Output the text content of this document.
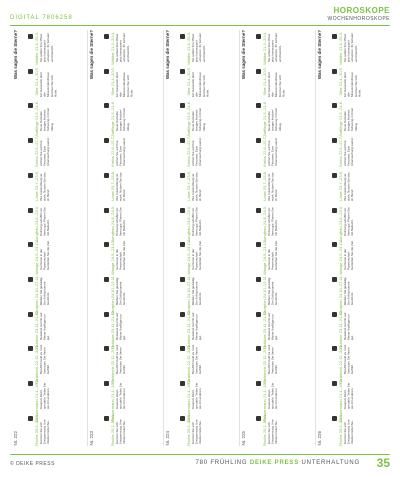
DIGITAL 7806258
HOROSKOPE
WOCHENHOROSKOPE
Was sagen die Sterne?
Nr. 222
Widder 21.3.-20.4. Sie sollten Ihre Pläne jetzt konsequent umsetzen. Ihr Einsatz wird belohnt.
Stier 21.4.-20.5. Ein Gespräch klärt alte Missverständnisse. Gönnen Sie sich Ruhe.
Zwillinge 21.5.-21.6. Neue Kontakte bringen frischen Schwung in Ihren Alltag.
Krebs 22.6.-22.7. Achten Sie auf Ihre Finanzen. Eine Überraschung wartet.
Löwe 23.7.-23.8. Ihre Ausstrahlung ist stark. Nutzen Sie das im Beruf.
Jungfrau 24.8.-23.9. Ordnung schaffen tut Ihnen gut. Planen Sie mit Bedacht.
Waage 24.9.-23.10. Harmonie in der Partnerschaft. Genießen Sie die Zeit.
Skorpion 24.10.-22.11. Bleiben Sie geduldig. Der Erfolg kommt bestimmt.
Schütze 23.11.-21.12. Reiselust kommt auf. Kleine Ausflüge tun gut.
Steinbock 22.12.-20.1. Beruflich läuft es rund. Vertrauen Sie Ihrem Gefühl.
Wassermann 21.1.-19.2. Kreative Ideen sprudeln. Teilen Sie sie mit anderen.
Fische 20.2.-20.3. Gönnen Sie sich Entspannung. Ihre Intuition leitet Sie.
Was sagen die Sterne?
Nr. 223
Widder 21.3.-20.4. Sie sollten Ihre Pläne jetzt konsequent umsetzen. Ihr Einsatz wird belohnt.
Stier 21.4.-20.5. Ein Gespräch klärt alte Missverständnisse. Gönnen Sie sich Ruhe.
Zwillinge 21.5.-21.6. Neue Kontakte bringen frischen Schwung in Ihren Alltag.
Krebs 22.6.-22.7. Achten Sie auf Ihre Finanzen. Eine Überraschung wartet.
Löwe 23.7.-23.8. Ihre Ausstrahlung ist stark. Nutzen Sie das im Beruf.
Jungfrau 24.8.-23.9. Ordnung schaffen tut Ihnen gut. Planen Sie mit Bedacht.
Waage 24.9.-23.10. Harmonie in der Partnerschaft. Genießen Sie die Zeit.
Skorpion 24.10.-22.11. Bleiben Sie geduldig. Der Erfolg kommt bestimmt.
Schütze 23.11.-21.12. Reiselust kommt auf. Kleine Ausflüge tun gut.
Steinbock 22.12.-20.1. Beruflich läuft es rund. Vertrauen Sie Ihrem Gefühl.
Wassermann 21.1.-19.2. Kreative Ideen sprudeln. Teilen Sie sie mit anderen.
Fische 20.2.-20.3. Gönnen Sie sich Entspannung. Ihre Intuition leitet Sie.
Was sagen die Sterne?
Nr. 224
Widder 21.3.-20.4. Sie sollten Ihre Pläne jetzt konsequent umsetzen. Ihr Einsatz wird belohnt.
Stier 21.4.-20.5. Ein Gespräch klärt alte Missverständnisse. Gönnen Sie sich Ruhe.
Zwillinge 21.5.-21.6. Neue Kontakte bringen frischen Schwung in Ihren Alltag.
Krebs 22.6.-22.7. Achten Sie auf Ihre Finanzen. Eine Überraschung wartet.
Löwe 23.7.-23.8. Ihre Ausstrahlung ist stark. Nutzen Sie das im Beruf.
Jungfrau 24.8.-23.9. Ordnung schaffen tut Ihnen gut. Planen Sie mit Bedacht.
Waage 24.9.-23.10. Harmonie in der Partnerschaft. Genießen Sie die Zeit.
Skorpion 24.10.-22.11. Bleiben Sie geduldig. Der Erfolg kommt bestimmt.
Schütze 23.11.-21.12. Reiselust kommt auf. Kleine Ausflüge tun gut.
Steinbock 22.12.-20.1. Beruflich läuft es rund. Vertrauen Sie Ihrem Gefühl.
Wassermann 21.1.-19.2. Kreative Ideen sprudeln. Teilen Sie sie mit anderen.
Fische 20.2.-20.3. Gönnen Sie sich Entspannung. Ihre Intuition leitet Sie.
Was sagen die Sterne?
Nr. 225
Widder 21.3.-20.4. Sie sollten Ihre Pläne jetzt konsequent umsetzen. Ihr Einsatz wird belohnt.
Stier 21.4.-20.5. Ein Gespräch klärt alte Missverständnisse. Gönnen Sie sich Ruhe.
Zwillinge 21.5.-21.6. Neue Kontakte bringen frischen Schwung in Ihren Alltag.
Krebs 22.6.-22.7. Achten Sie auf Ihre Finanzen. Eine Überraschung wartet.
Löwe 23.7.-23.8. Ihre Ausstrahlung ist stark. Nutzen Sie das im Beruf.
Jungfrau 24.8.-23.9. Ordnung schaffen tut Ihnen gut. Planen Sie mit Bedacht.
Waage 24.9.-23.10. Harmonie in der Partnerschaft. Genießen Sie die Zeit.
Skorpion 24.10.-22.11. Bleiben Sie geduldig. Der Erfolg kommt bestimmt.
Schütze 23.11.-21.12. Reiselust kommt auf. Kleine Ausflüge tun gut.
Steinbock 22.12.-20.1. Beruflich läuft es rund. Vertrauen Sie Ihrem Gefühl.
Wassermann 21.1.-19.2. Kreative Ideen sprudeln. Teilen Sie sie mit anderen.
Fische 20.2.-20.3. Gönnen Sie sich Entspannung. Ihre Intuition leitet Sie.
Was sagen die Sterne?
Nr. 226
Widder 21.3.-20.4. Sie sollten Ihre Pläne jetzt konsequent umsetzen. Ihr Einsatz wird belohnt.
Stier 21.4.-20.5. Ein Gespräch klärt alte Missverständnisse. Gönnen Sie sich Ruhe.
Zwillinge 21.5.-21.6. Neue Kontakte bringen frischen Schwung in Ihren Alltag.
Krebs 22.6.-22.7. Achten Sie auf Ihre Finanzen. Eine Überraschung wartet.
Löwe 23.7.-23.8. Ihre Ausstrahlung ist stark. Nutzen Sie das im Beruf.
Jungfrau 24.8.-23.9. Ordnung schaffen tut Ihnen gut. Planen Sie mit Bedacht.
Waage 24.9.-23.10. Harmonie in der Partnerschaft. Genießen Sie die Zeit.
Skorpion 24.10.-22.11. Bleiben Sie geduldig. Der Erfolg kommt bestimmt.
Schütze 23.11.-21.12. Reiselust kommt auf. Kleine Ausflüge tun gut.
Steinbock 22.12.-20.1. Beruflich läuft es rund. Vertrauen Sie Ihrem Gefühl.
Wassermann 21.1.-19.2. Kreative Ideen sprudeln. Teilen Sie sie mit anderen.
Fische 20.2.-20.3. Gönnen Sie sich Entspannung. Ihre Intuition leitet Sie.
© DEIKE PRESS	780 FRÜHLING DEIKE PRESS UNTERHALTUNG 35
